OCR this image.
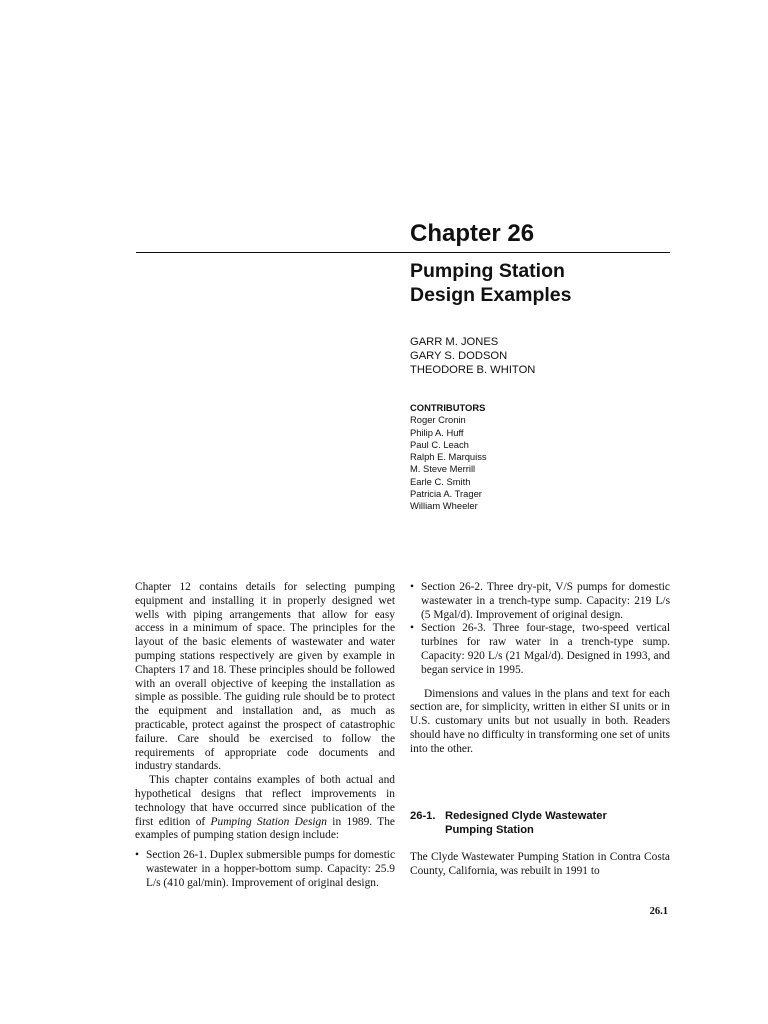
Chapter 26
Pumping Station
Design Examples
GARR M. JONES
GARY S. DODSON
THEODORE B. WHITON
CONTRIBUTORS
Roger Cronin
Philip A. Huff
Paul C. Leach
Ralph E. Marquiss
M. Steve Merrill
Earle C. Smith
Patricia A. Trager
William Wheeler

Chapter 12 contains details for selecting pumping equipment and installing it in properly designed wet wells with piping arrangements that allow for easy access in a minimum of space. The principles for the layout of the basic elements of wastewater and water pumping stations respectively are given by example in Chapters 17 and 18. These principles should be followed with an overall objective of keeping the installation as simple as possible. The guiding rule should be to protect the equipment and installation and, as much as practicable, protect against the prospect of catastrophic failure. Care should be exercised to follow the requirements of appropriate code documents and industry standards.

This chapter contains examples of both actual and hypothetical designs that reflect improvements in technology that have occurred since publication of the first edition of Pumping Station Design in 1989. The examples of pumping station design include:

• Section 26-1. Duplex submersible pumps for domestic wastewater in a hopper-bottom sump. Capacity: 25.9 L/s (410 gal/min). Improvement of original design.
• Section 26-2. Three dry-pit, V/S pumps for domestic wastewater in a trench-type sump. Capacity: 219 L/s (5 Mgal/d). Improvement of original design.
• Section 26-3. Three four-stage, two-speed vertical turbines for raw water in a trench-type sump. Capacity: 920 L/s (21 Mgal/d). Designed in 1993, and began service in 1995.

Dimensions and values in the plans and text for each section are, for simplicity, written in either SI units or in U.S. customary units but not usually in both. Readers should have no difficulty in transforming one set of units into the other.

26-1. Redesigned Clyde Wastewater
Pumping Station

The Clyde Wastewater Pumping Station in Contra Costa County, California, was rebuilt in 1991 to

26.1
